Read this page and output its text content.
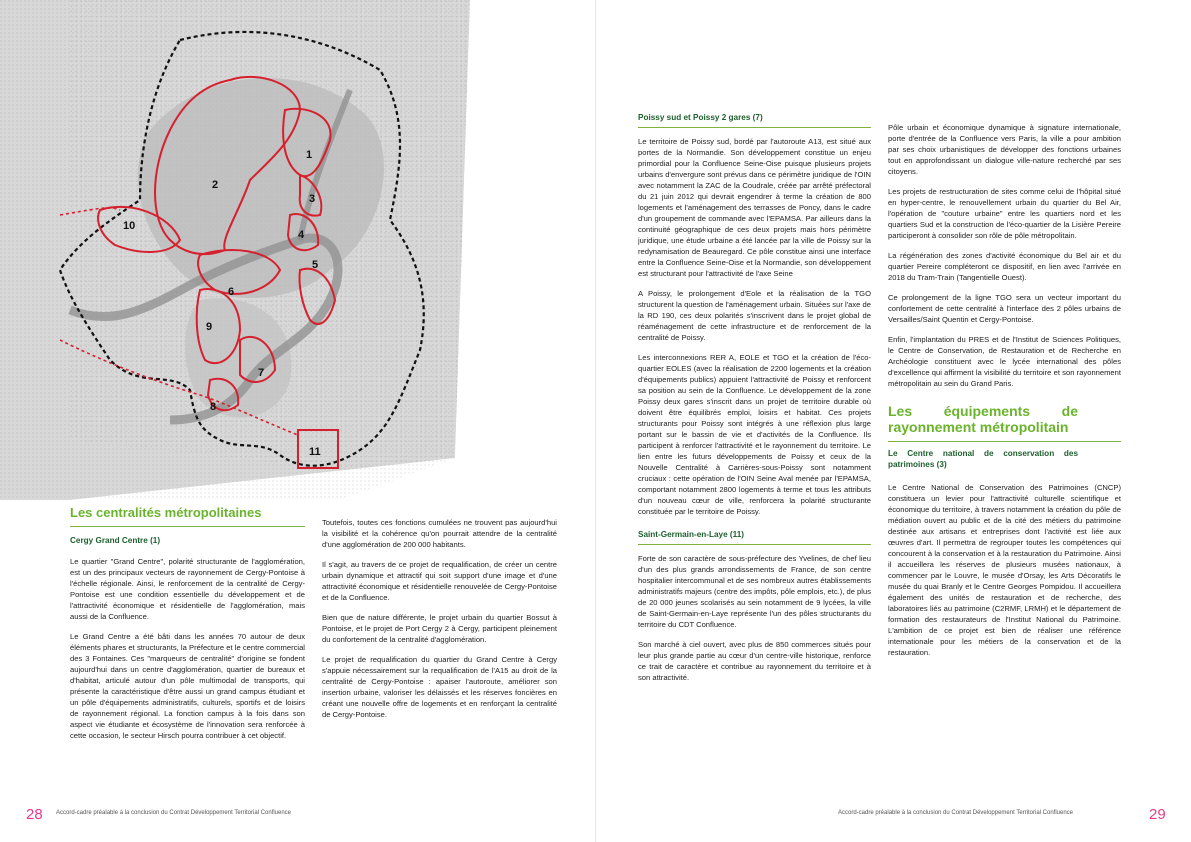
1
2
3
4
5
6
7
8
9
10
11
Les centralités métropolitaines
Cergy Grand Centre (1)

Le quartier "Grand Centre", polarité structurante de l'agglomération, est un des principaux vecteurs de rayonnement de Cergy-Pontoise à l'échelle régionale. Ainsi, le renforcement de la centralité de Cergy-Pontoise est une condition essentielle du développement et de l'attractivité économique et résidentielle de l'agglomération, mais aussi de la Confluence.

Le Grand Centre a été bâti dans les années 70 autour de deux éléments phares et structurants, la Préfecture et le centre commercial des 3 Fontaines. Ces "marqueurs de centralité" d'origine se fondent aujourd'hui dans un centre d'agglomération, quartier de bureaux et d'habitat, articulé autour d'un pôle multimodal de transports, qui présente la caractéristique d'être aussi un grand campus étudiant et un pôle d'équipements administratifs, culturels, sportifs et de loisirs de rayonnement régional. La fonction campus à la fois dans son aspect vie étudiante et écosystème de l'innovation sera renforcée à cette occasion, le secteur Hirsch pourra contribuer à cet objectif.

Toutefois, toutes ces fonctions cumulées ne trouvent pas aujourd'hui la visibilité et la cohérence qu'on pourrait attendre de la centralité d'une agglomération de 200 000 habitants.

Il s'agit, au travers de ce projet de requalification, de créer un centre urbain dynamique et attractif qui soit support d'une image et d'une attractivité économique et résidentielle renouvelée de Cergy-Pontoise et de la Confluence.

Bien que de nature différente, le projet urbain du quartier Bossut à Pontoise, et le projet de Port Cergy 2 à Cergy, participent pleinement du confortement de la centralité d'agglomération.

Le projet de requalification du quartier du Grand Centre à Cergy s'appuie nécessairement sur la requalification de l'A15 au droit de la centralité de Cergy-Pontoise : apaiser l'autoroute, améliorer son insertion urbaine, valoriser les délaissés et les réserves foncières en créant une nouvelle offre de logements et en renforçant la centralité de Cergy-Pontoise.

28 Accord-cadre préalable à la conclusion du Contrat Développement Territorial Confluence
Poissy sud et Poissy 2 gares (7)

Le territoire de Poissy sud, bordé par l'autoroute A13, est situé aux portes de la Normandie. Son développement constitue un enjeu primordial pour la Confluence Seine-Oise puisque plusieurs projets urbains d'envergure sont prévus dans ce périmètre juridique de l'OIN avec notamment la ZAC de la Coudrale, créée par arrêté préfectoral du 21 juin 2012 qui devrait engendrer à terme la création de 800 logements et l'aménagement des terrasses de Poncy, dans le cadre d'un groupement de commande avec l'EPAMSA. Par ailleurs dans la continuité géographique de ces deux projets mais hors périmètre juridique, une étude urbaine a été lancée par la ville de Poissy sur la redynamisation de Beauregard. Ce pôle constitue ainsi une interface entre la Confluence Seine-Oise et la Normandie, son développement est structurant pour l'attractivité de l'axe Seine

A Poissy, le prolongement d'Eole et la réalisation de la TGO structurent la question de l'aménagement urbain. Situées sur l'axe de la RD 190, ces deux polarités s'inscrivent dans le projet global de réaménagement de cette infrastructure et de renforcement de la centralité de Poissy.

Les interconnexions RER A, EOLE et TGO et la création de l'éco-quartier EOLES (avec la réalisation de 2200 logements et la création d'équipements publics) appuient l'attractivité de Poissy et renforcent sa position au sein de la Confluence. Le développement de la zone Poissy deux gares s'inscrit dans un projet de territoire durable où doivent être équilibrés emploi, loisirs et habitat. Ces projets structurants pour Poissy sont intégrés à une réflexion plus large portant sur le bassin de vie et d'activités de la Confluence. Ils participent à renforcer l'attractivité et le rayonnement du territoire. Le lien entre les futurs développements de Poissy et ceux de la Nouvelle Centralité à Carrières-sous-Poissy sont notamment cruciaux : cette opération de l'OIN Seine Aval menée par l'EPAMSA, comportant notamment 2800 logements à terme et tous les attributs d'un nouveau cœur de ville, renforcera la polarité structurante constituée par le territoire de Poissy.

Saint-Germain-en-Laye (11)

Forte de son caractère de sous-préfecture des Yvelines, de chef lieu d'un des plus grands arrondissements de France, de son centre hospitalier intercommunal et de ses nombreux autres établissements administratifs majeurs (centre des impôts, pôle emplois, etc.), de plus de 20 000 jeunes scolarisés au sein notamment de 9 lycées, la ville de Saint-Germain-en-Laye représente l'un des pôles structurants du territoire du CDT Confluence.

Son marché à ciel ouvert, avec plus de 850 commerces situés pour leur plus grande partie au cœur d'un centre-ville historique, renforce ce trait de caractère et contribue au rayonnement du territoire et à son attractivité.

Pôle urbain et économique dynamique à signature internationale, porte d'entrée de la Confluence vers Paris, la ville a pour ambition par ses choix urbanistiques de développer des fonctions urbaines tout en approfondissant un dialogue ville-nature recherché par ses citoyens.

Les projets de restructuration de sites comme celui de l'hôpital situé en hyper-centre, le renouvellement urbain du quartier du Bel Air, l'opération de "couture urbaine" entre les quartiers nord et les quartiers Sud et la construction de l'éco-quartier de la Lisière Pereire participeront à consolider son rôle de pôle métropolitain.

La régénération des zones d'activité économique du Bel air et du quartier Pereire compléteront ce dispositif, en lien avec l'arrivée en 2018 du Tram-Train (Tangentielle Ouest).

Ce prolongement de la ligne TGO sera un vecteur important du confortement de cette centralité à l'interface des 2 pôles urbains de Versailles/Saint Quentin et Cergy-Pontoise.

Enfin, l'implantation du PRES et de l'Institut de Sciences Politiques, le Centre de Conservation, de Restauration et de Recherche en Archéologie constituent avec le lycée international des pôles d'excellence qui affirment la visibilité du territoire et son rayonnement métropolitain au sein du Grand Paris.

Les équipements de rayonnement métropolitain
Le Centre national de conservation des patrimoines (3)

Le Centre National de Conservation des Patrimoines (CNCP) constituera un levier pour l'attractivité culturelle scientifique et économique du territoire, à travers notamment la création du pôle de médiation ouvert au public et de la cité des métiers du patrimoine destinée aux artisans et entreprises dont l'activité est liée aux œuvres d'art. Il permettra de regrouper toutes les compétences qui concourent à la conservation et à la restauration du Patrimoine. Ainsi il accueillera les réserves de plusieurs musées nationaux, à commencer par le Louvre, le musée d'Orsay, les Arts Décoratifs le musée du quai Branly et le Centre Georges Pompidou. Il accueillera également des unités de restauration et de recherche, des laboratoires liés au patrimoine (C2RMF, LRMH) et le département de formation des restaurateurs de l'Institut National du Patrimoine. L'ambition de ce projet est bien de réaliser une référence internationale pour les métiers de la conservation et de la restauration.

Accord-cadre préalable à la conclusion du Contrat Développement Territorial Confluence	29
